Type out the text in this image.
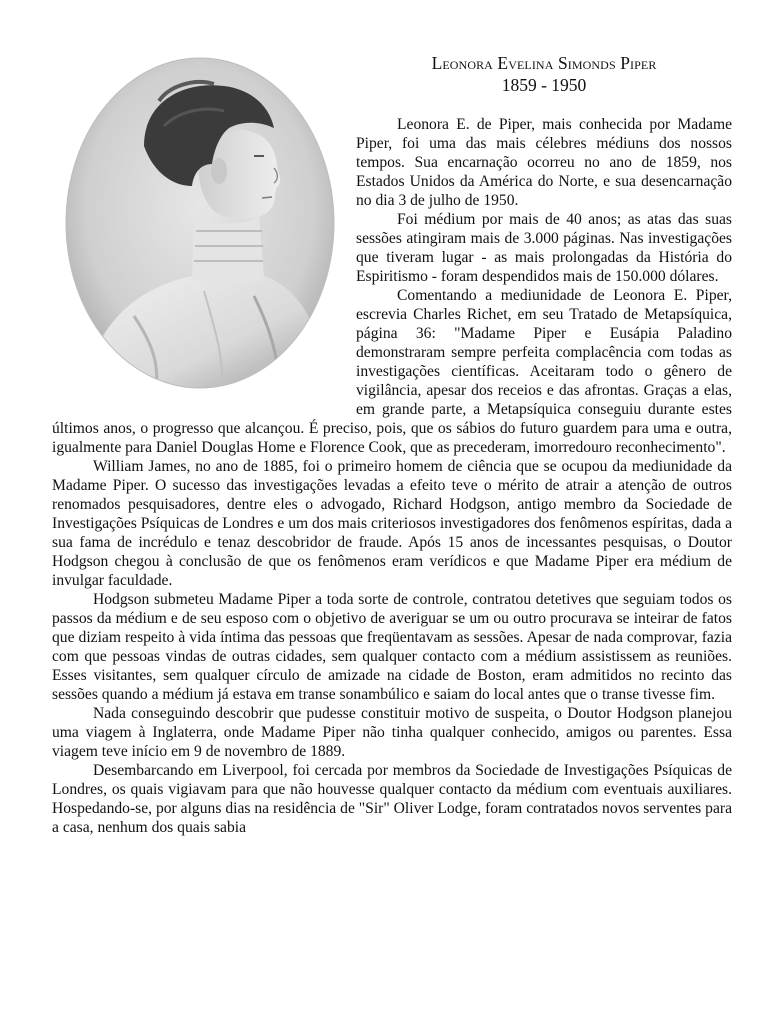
Leonora Evelina Simonds Piper
1859 - 1950

Leonora E. de Piper, mais conhecida por Madame Piper, foi uma das mais célebres médiuns dos nossos tempos. Sua encarnação ocorreu no ano de 1859, nos Estados Unidos da América do Norte, e sua desencarnação no dia 3 de julho de 1950.

Foi médium por mais de 40 anos; as atas das suas sessões atingiram mais de 3.000 páginas. Nas investigações que tiveram lugar - as mais prolongadas da História do Espiritismo - foram despendidos mais de 150.000 dólares.

Comentando a mediunidade de Leonora E. Piper, escrevia Charles Richet, em seu Tratado de Metapsíquica, página 36: "Madame Piper e Eusápia Paladino demonstraram sempre perfeita complacência com todas as investigações científicas. Aceitaram todo o gênero de vigilância, apesar dos receios e das afrontas. Graças a elas, em grande parte, a Metapsíquica conseguiu durante estes últimos anos, o progresso que alcançou. É preciso, pois, que os sábios do futuro guardem para uma e outra, igualmente para Daniel Douglas Home e Florence Cook, que as precederam, imorredouro reconhecimento".

William James, no ano de 1885, foi o primeiro homem de ciência que se ocupou da mediunidade da Madame Piper. O sucesso das investigações levadas a efeito teve o mérito de atrair a atenção de outros renomados pesquisadores, dentre eles o advogado, Richard Hodgson, antigo membro da Sociedade de Investigações Psíquicas de Londres e um dos mais criteriosos investigadores dos fenômenos espíritas, dada a sua fama de incrédulo e tenaz descobridor de fraude. Após 15 anos de incessantes pesquisas, o Doutor Hodgson chegou à conclusão de que os fenômenos eram verídicos e que Madame Piper era médium de invulgar faculdade.

Hodgson submeteu Madame Piper a toda sorte de controle, contratou detetives que seguiam todos os passos da médium e de seu esposo com o objetivo de averiguar se um ou outro procurava se inteirar de fatos que diziam respeito à vida íntima das pessoas que freqüentavam as sessões. Apesar de nada comprovar, fazia com que pessoas vindas de outras cidades, sem qualquer contacto com a médium assistissem as reuniões. Esses visitantes, sem qualquer círculo de amizade na cidade de Boston, eram admitidos no recinto das sessões quando a médium já estava em transe sonambúlico e saiam do local antes que o transe tivesse fim.

Nada conseguindo descobrir que pudesse constituir motivo de suspeita, o Doutor Hodgson planejou uma viagem à Inglaterra, onde Madame Piper não tinha qualquer conhecido, amigos ou parentes. Essa viagem teve início em 9 de novembro de 1889.

Desembarcando em Liverpool, foi cercada por membros da Sociedade de Investigações Psíquicas de Londres, os quais vigiavam para que não houvesse qualquer contacto da médium com eventuais auxiliares. Hospedando-se, por alguns dias na residência de "Sir" Oliver Lodge, foram contratados novos serventes para a casa, nenhum dos quais sabia
